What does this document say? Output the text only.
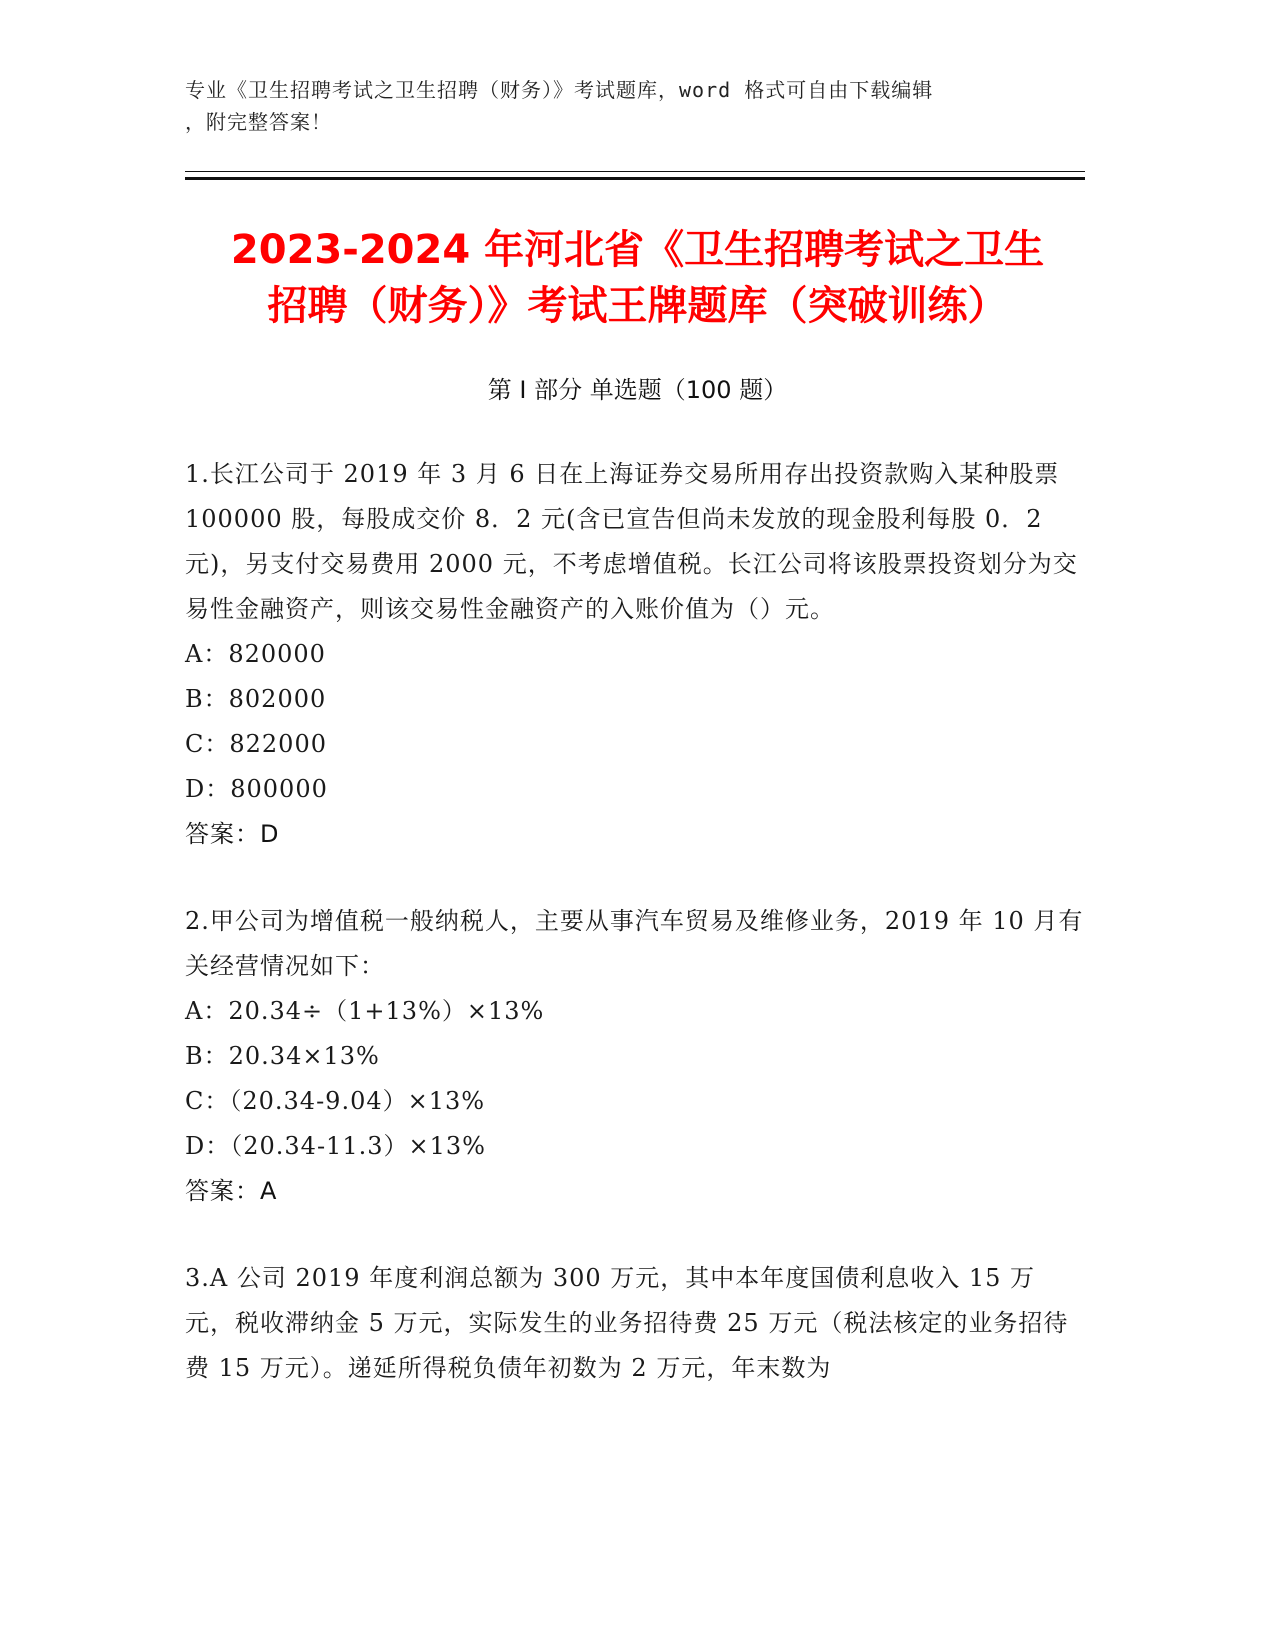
专业《卫生招聘考试之卫生招聘（财务）》考试题库，word 格式可自由下载编辑
，附完整答案！
2023-2024 年河北省《卫生招聘考试之卫生
招聘（财务）》考试王牌题库（突破训练）
第 I 部分 单选题（100 题）

1.长江公司于 2019 年 3 月 6 日在上海证券交易所用存出投资款购入某种股票 100000 股，每股成交价 8．2 元(含已宣告但尚未发放的现金股利每股 0．2 元)，另支付交易费用 2000 元，不考虑增值税。长江公司将该股票投资划分为交易性金融资产，则该交易性金融资产的入账价值为（）元。

A：820000

B：802000

C：822000

D：800000

答案：D

2.甲公司为增值税一般纳税人，主要从事汽车贸易及维修业务，2019 年 10 月有关经营情况如下：

A：20.34÷（1+13%）×13%

B：20.34×13%

C：（20.34-9.04）×13%

D：（20.34-11.3）×13%

答案：A

3.A 公司 2019 年度利润总额为 300 万元，其中本年度国债利息收入 15 万元，税收滞纳金 5 万元，实际发生的业务招待费 25 万元（税法核定的业务招待费 15 万元）。递延所得税负债年初数为 2 万元，年末数为
